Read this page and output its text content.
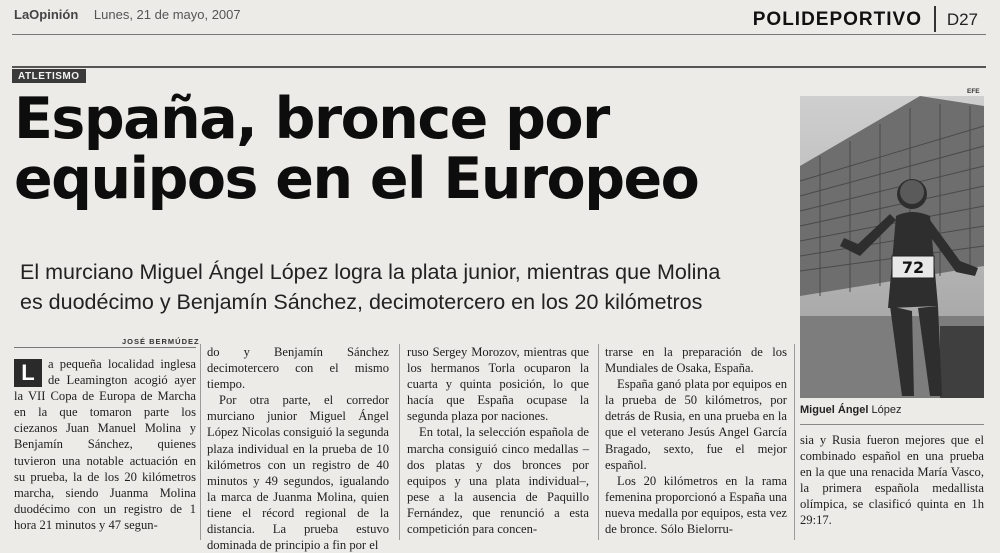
LaOpinión Lunes, 21 de mayo, 2007	POLIDEPORTIVO D27
ATLETISMO
España, bronce por
equipos en el Europeo
El murciano Miguel Ángel López logra la plata junior, mientras que Molina
es duodécimo y Benjamín Sánchez, decimotercero en los 20 kilómetros
JOSÉ BERMÚDEZ

L	a pequeña localidad inglesa de Leamington acogió ayer la VII Copa de Europa de Marcha en la que tomaron parte los ciezanos Juan Manuel Molina y Benjamín Sánchez, quienes tuvieron una notable actuación en su prueba, la de los 20 kilómetros marcha, siendo Juanma Molina duodécimo con un registro de 1 hora 21 minutos y 47 segun-

do y Benjamín Sánchez decimotercero con el mismo tiempo.

Por otra parte, el corredor murciano junior Miguel Ángel López Nicolas consiguió la segunda plaza individual en la prueba de 10 kilómetros con un registro de 40 minutos y 49 segundos, igualando la marca de Juanma Molina, quien tiene el récord regional de la distancia. La prueba estuvo dominada de principio a fin por el

ruso Sergey Morozov, mientras que los hermanos Torla ocuparon la cuarta y quinta posición, lo que hacía que España ocupase la segunda plaza por naciones.

En total, la selección española de marcha consiguió cinco medallas –dos platas y dos bronces por equipos y una plata individual–, pese a la ausencia de Paquillo Fernández, que renunció a esta competición para concen-

trarse en la preparación de los Mundiales de Osaka, España.

España ganó plata por equipos en la prueba de 50 kilómetros, por detrás de Rusia, en una prueba en la que el veterano Jesús Angel García Bragado, sexto, fue el mejor español.

Los 20 kilómetros en la rama femenina proporcionó a España una nueva medalla por equipos, esta vez de bronce. Sólo Bielorru-

sia y Rusia fueron mejores que el combinado español en una prueba en la que una renacida María Vasco, la primera española medallista olímpica, se clasificó quinta en 1h 29:17.

EFE
72
Miguel Ángel López
